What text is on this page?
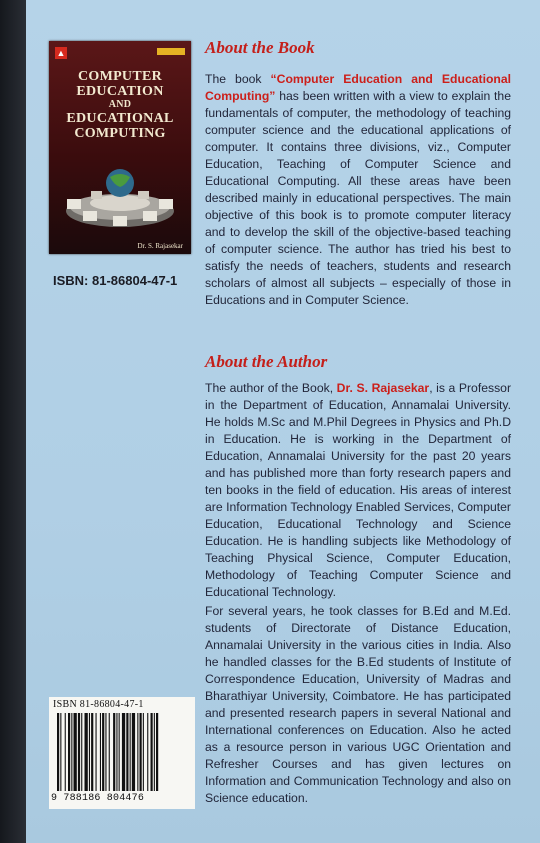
▲
COMPUTER
EDUCATION
AND
EDUCATIONAL
COMPUTING
Dr. S. Rajasekar
ISBN: 81-86804-47-1
About the Book
The book “Computer Education and Educational Computing” has been written with a view to explain the fundamentals of computer, the methodology of teaching computer science and the educational applications of computer. It contains three divisions, viz., Computer Education, Teaching of Computer Science and Educational Computing. All these areas have been described mainly in educational perspectives. The main objective of this book is to promote computer literacy and to develop the skill of the objective-based teaching of computer science. The author has tried his best to satisfy the needs of teachers, students and research scholars of almost all subjects – especially of those in Educations and in Computer Science.
About the Author
The author of the Book, Dr. S. Rajasekar, is a Professor in the Department of Education, Annamalai University. He holds M.Sc and M.Phil Degrees in Physics and Ph.D in Education. He is working in the Department of Education, Annamalai University for the past 20 years and has published more than forty research papers and ten books in the field of education. His areas of interest are Information Technology Enabled Services, Computer Education, Educational Technology and Science Education. He is handling subjects like Methodology of Teaching Physical Science, Computer Education, Methodology of Teaching Computer Science and Educational Technology.
For several years, he took classes for B.Ed and M.Ed. students of Directorate of Distance Education, Annamalai University in the various cities in India. Also he handled classes for the B.Ed students of Institute of Correspondence Education, University of Madras and Bharathiyar University, Coimbatore. He has participated and presented research papers in several National and International conferences on Education. Also he acted as a resource person in various UGC Orientation and Refresher Courses and has given lectures on Information and Communication Technology and also on Science education.
ISBN 81-86804-47-1
9 788186 804476
